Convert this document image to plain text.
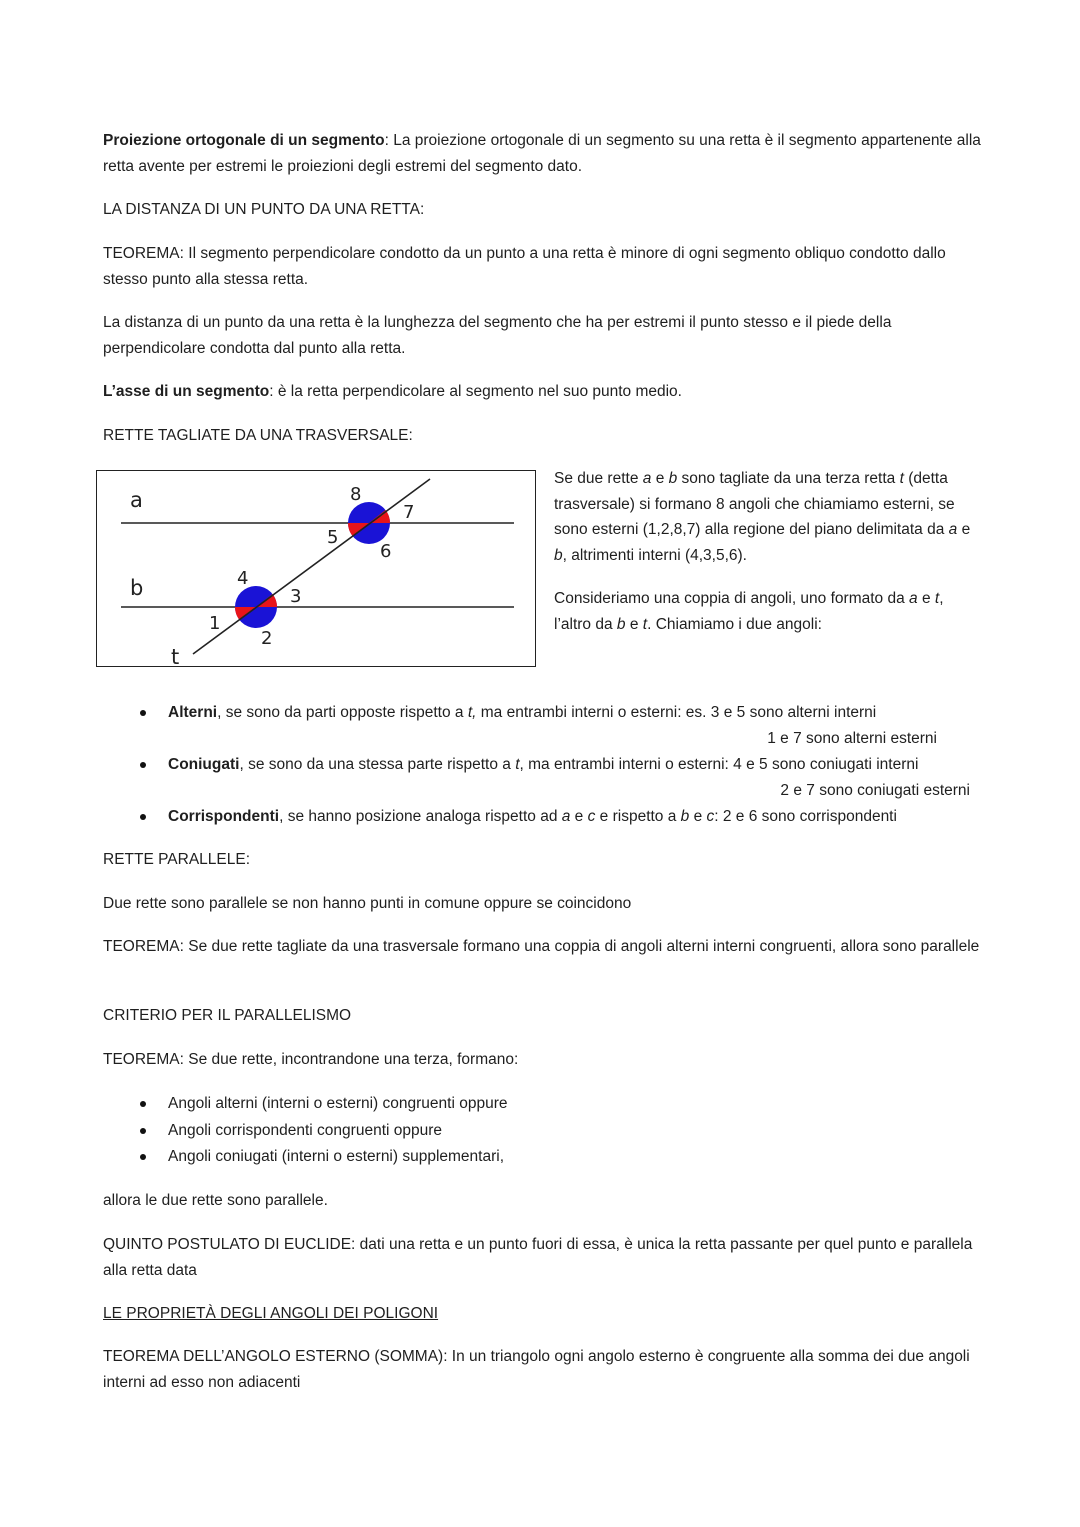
Proiezione ortogonale di un segmento: La proiezione ortogonale di un segmento su una retta è il segmento appartenente alla retta avente per estremi le proiezioni degli estremi del segmento dato.

LA DISTANZA DI UN PUNTO DA UNA RETTA:

TEOREMA: Il segmento perpendicolare condotto da un punto a una retta è minore di ogni segmento obliquo condotto dallo stesso punto alla stessa retta.

La distanza di un punto da una retta è la lunghezza del segmento che ha per estremi il punto stesso e il piede della perpendicolare condotta dal punto alla retta.

L’asse di un segmento: è la retta perpendicolare al segmento nel suo punto medio.

RETTE TAGLIATE DA UNA TRASVERSALE:

a
b
t
1
2
3
4
5
6
7
8

Se due rette a e b sono tagliate da una terza retta t (detta trasversale) si formano 8 angoli che chiamiamo esterni, se sono esterni (1,2,8,7) alla regione del piano delimitata da a e b, altrimenti interni (4,3,5,6).

Consideriamo una coppia di angoli, uno formato da a e t, l’altro da b e t. Chiamiamo i due angoli:

Alterni, se sono da parti opposte rispetto a t, ma entrambi interni o esterni: es. 3 e 5 sono alterni interni
1 e 7 sono alterni esterni
Coniugati, se sono da una stessa parte rispetto a t, ma entrambi interni o esterni: 4 e 5 sono coniugati interni
2 e 7 sono coniugati esterni
Corrispondenti, se hanno posizione analoga rispetto ad a e c e rispetto a b e c: 2 e 6 sono corrispondenti

RETTE PARALLELE:

Due rette sono parallele se non hanno punti in comune oppure se coincidono

TEOREMA: Se due rette tagliate da una trasversale formano una coppia di angoli alterni interni congruenti, allora sono parallele

CRITERIO PER IL PARALLELISMO

TEOREMA: Se due rette, incontrandone una terza, formano:

Angoli alterni (interni o esterni) congruenti oppure
Angoli corrispondenti congruenti oppure
Angoli coniugati (interni o esterni) supplementari,

allora le due rette sono parallele.

QUINTO POSTULATO DI EUCLIDE: dati una retta e un punto fuori di essa, è unica la retta passante per quel punto e parallela alla retta data

LE PROPRIETÀ DEGLI ANGOLI DEI POLIGONI

TEOREMA DELL’ANGOLO ESTERNO (SOMMA): In un triangolo ogni angolo esterno è congruente alla somma dei due angoli interni ad esso non adiacenti
